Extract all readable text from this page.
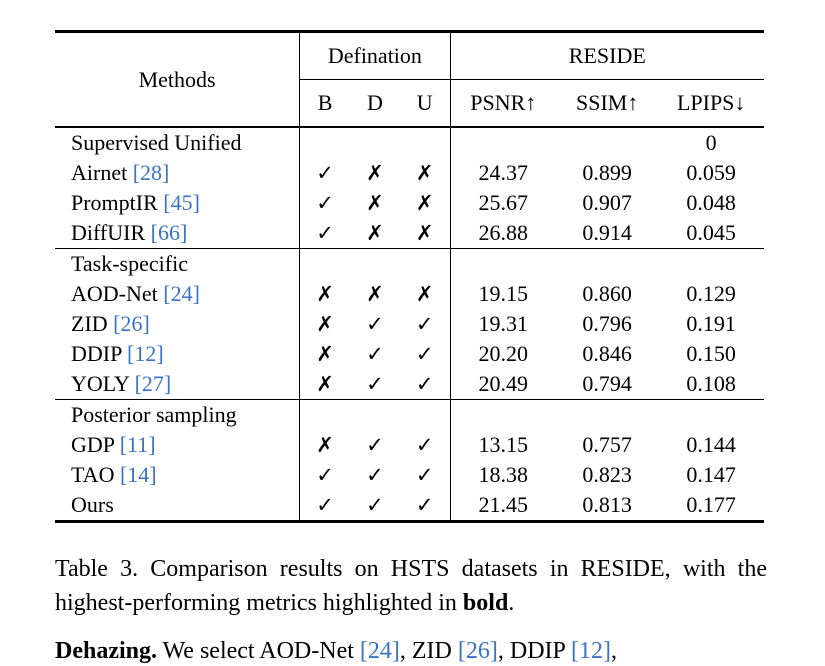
Methods	Defination			RESIDE		
	B	D	U	PSNR↑	SSIM↑	LPIPS↓
Supervised Unified						0
Airnet [28]	✓	✗	✗	24.37	0.899	0.059
PromptIR [45]	✓	✗	✗	25.67	0.907	0.048
DiffUIR [66]	✓	✗	✗	26.88	0.914	0.045
Task-specific						
AOD-Net [24]	✗	✗	✗	19.15	0.860	0.129
ZID [26]	✗	✓	✓	19.31	0.796	0.191
DDIP [12]	✗	✓	✓	20.20	0.846	0.150
YOLY [27]	✗	✓	✓	20.49	0.794	0.108
Posterior sampling						
GDP [11]	✗	✓	✓	13.15	0.757	0.144
TAO [14]	✓	✓	✓	18.38	0.823	0.147
Ours	✓	✓	✓	21.45	0.813	0.177
Table 3. Comparison results on HSTS datasets in RESIDE, with the highest-performing metrics highlighted in bold.
Dehazing. We select AOD-Net [24], ZID [26], DDIP [12],
